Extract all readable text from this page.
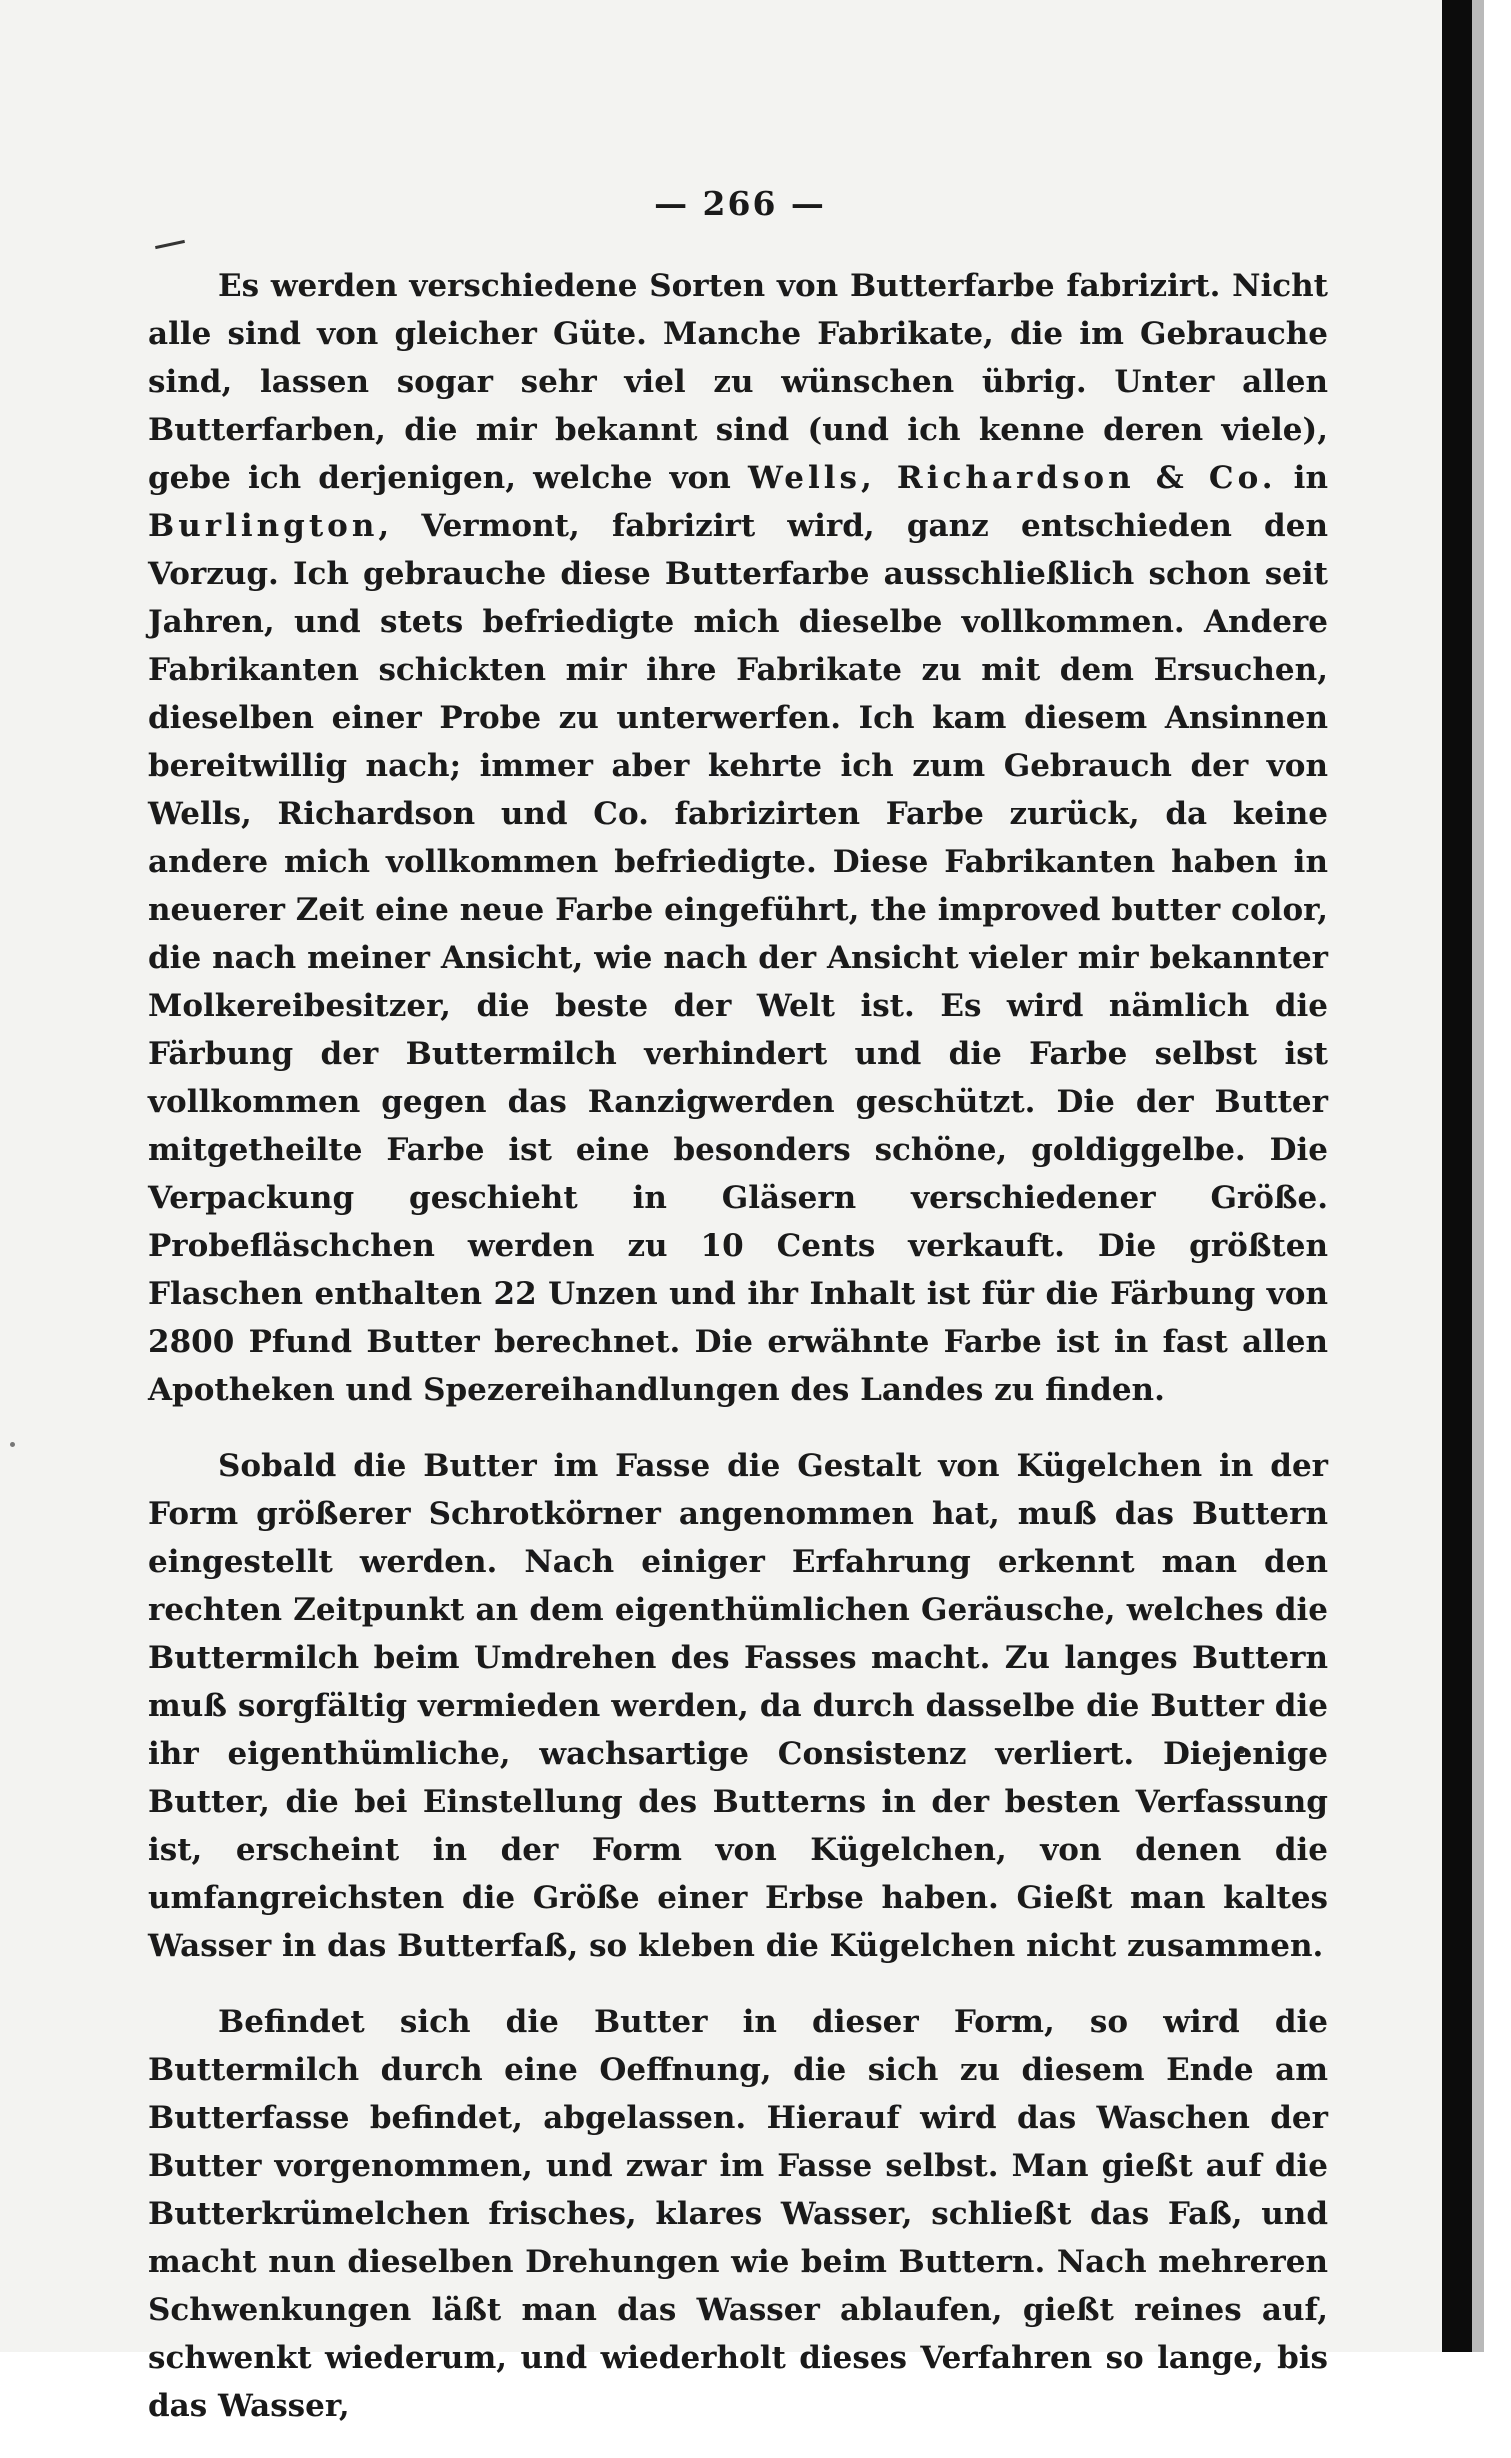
— 266 —

Es werden verschiedene Sorten von Butterfarbe fabrizirt. Nicht alle sind von gleicher Güte. Manche Fabrikate, die im Gebrauche sind, lassen sogar sehr viel zu wünschen übrig. Unter allen Butterfarben, die mir bekannt sind (und ich kenne deren viele), gebe ich derjenigen, welche von Wells, Richardson & Co. in Burlington, Vermont, fabrizirt wird, ganz entschieden den Vorzug. Ich gebrauche diese Butterfarbe ausschließlich schon seit Jahren, und stets befriedigte mich dieselbe vollkommen. Andere Fabrikanten schickten mir ihre Fabrikate zu mit dem Ersuchen, dieselben einer Probe zu unterwerfen. Ich kam diesem Ansinnen bereitwillig nach; immer aber kehrte ich zum Gebrauch der von Wells, Richardson und Co. fabrizirten Farbe zurück, da keine andere mich vollkommen befriedigte. Diese Fabrikanten haben in neuerer Zeit eine neue Farbe eingeführt, the improved butter color, die nach meiner Ansicht, wie nach der Ansicht vieler mir bekannter Molkereibesitzer, die beste der Welt ist. Es wird nämlich die Färbung der Buttermilch verhindert und die Farbe selbst ist vollkommen gegen das Ranzigwerden geschützt. Die der Butter mitgetheilte Farbe ist eine besonders schöne, goldiggelbe. Die Verpackung geschieht in Gläsern verschiedener Größe. Probefläschchen werden zu 10 Cents verkauft. Die größten Flaschen enthalten 22 Unzen und ihr Inhalt ist für die Färbung von 2800 Pfund Butter berechnet. Die erwähnte Farbe ist in fast allen Apotheken und Spezereihandlungen des Landes zu finden.

Sobald die Butter im Fasse die Gestalt von Kügelchen in der Form größerer Schrotkörner angenommen hat, muß das Buttern eingestellt werden. Nach einiger Erfahrung erkennt man den rechten Zeitpunkt an dem eigenthümlichen Geräusche, welches die Buttermilch beim Umdrehen des Fasses macht. Zu langes Buttern muß sorgfältig vermieden werden, da durch dasselbe die Butter die ihr eigenthümliche, wachsartige Consistenz verliert. Diejenige Butter, die bei Einstellung des Butterns in der besten Verfassung ist, erscheint in der Form von Kügelchen, von denen die umfangreichsten die Größe einer Erbse haben. Gießt man kaltes Wasser in das Butterfaß, so kleben die Kügelchen nicht zusammen.

Befindet sich die Butter in dieser Form, so wird die Buttermilch durch eine Oeffnung, die sich zu diesem Ende am Butterfasse befindet, abgelassen. Hierauf wird das Waschen der Butter vorgenommen, und zwar im Fasse selbst. Man gießt auf die Butterkrümelchen frisches, klares Wasser, schließt das Faß, und macht nun dieselben Drehungen wie beim Buttern. Nach mehreren Schwenkungen läßt man das Wasser ablaufen, gießt reines auf, schwenkt wiederum, und wiederholt dieses Verfahren so lange, bis das Wasser,
